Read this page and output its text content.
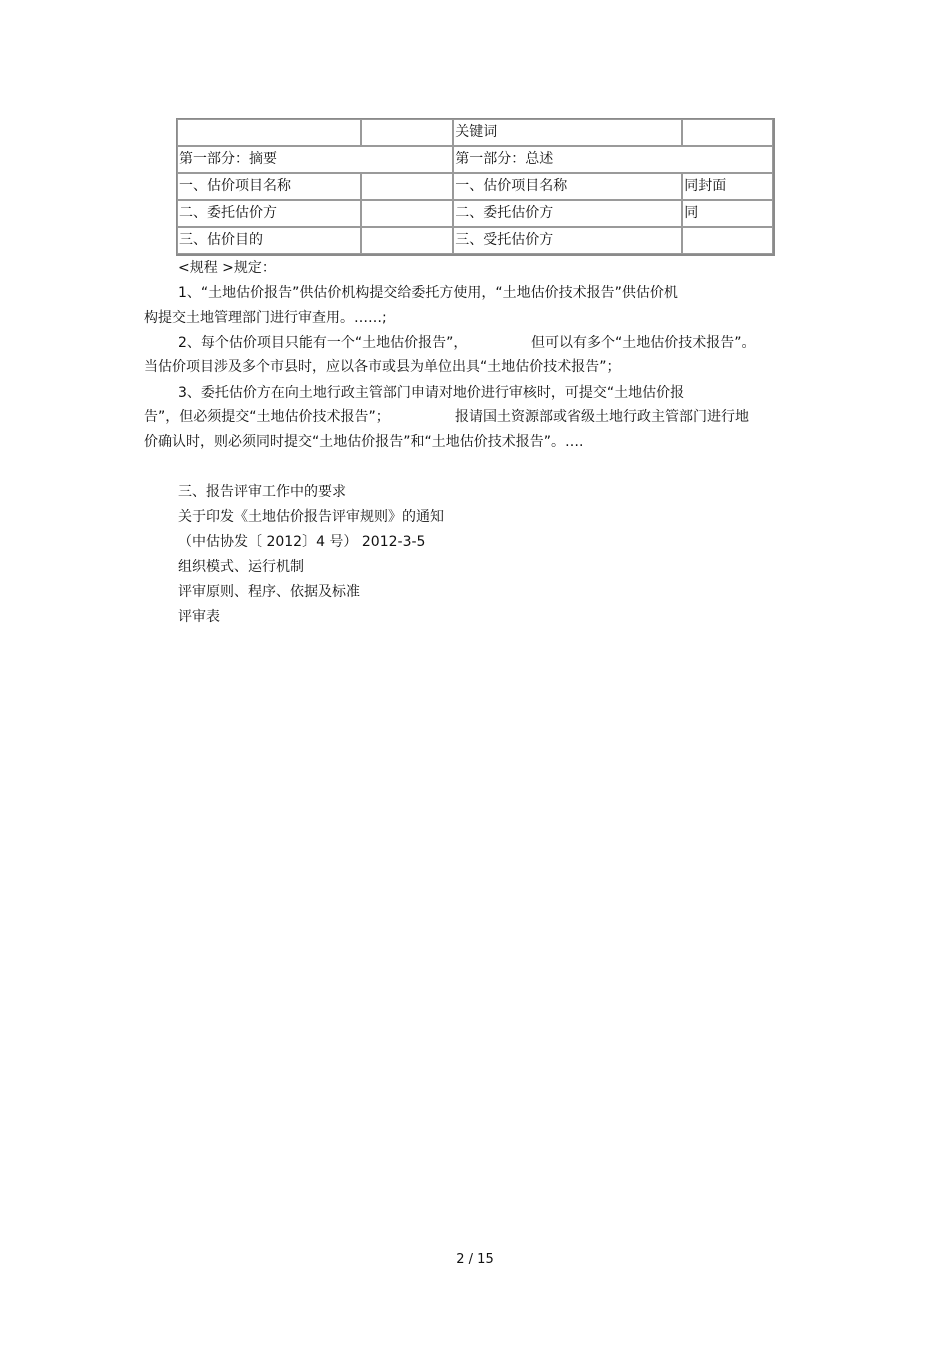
		关键词	
第一部分：摘要		第一部分：总述	
一、估价项目名称		一、估价项目名称	同封面
二、委托估价方		二、委托估价方	同
三、估价目的		三、受托估价方	

<规程 >规定：

1、“土地估价报告”供估价机构提交给委托方使用，“土地估价技术报告”供估价机

构提交土地管理部门进行审查用。……;

2、每个估价项目只能有一个“土地估价报告”，	但可以有多个“土地估价技术报告”。

当估价项目涉及多个市县时，应以各市或县为单位出具“土地估价技术报告”；

3、委托估价方在向土地行政主管部门申请对地价进行审核时，可提交“土地估价报

告”，但必须提交“土地估价技术报告”；	报请国土资源部或省级土地行政主管部门进行地

价确认时，则必须同时提交“土地估价报告”和“土地估价技术报告”。….

三、报告评审工作中的要求

关于印发《土地估价报告评审规则》的通知

（中估协发〔 2012〕4 号） 2012-3-5

组织模式、运行机制

评审原则、程序、依据及标准

评审表

2 / 15
